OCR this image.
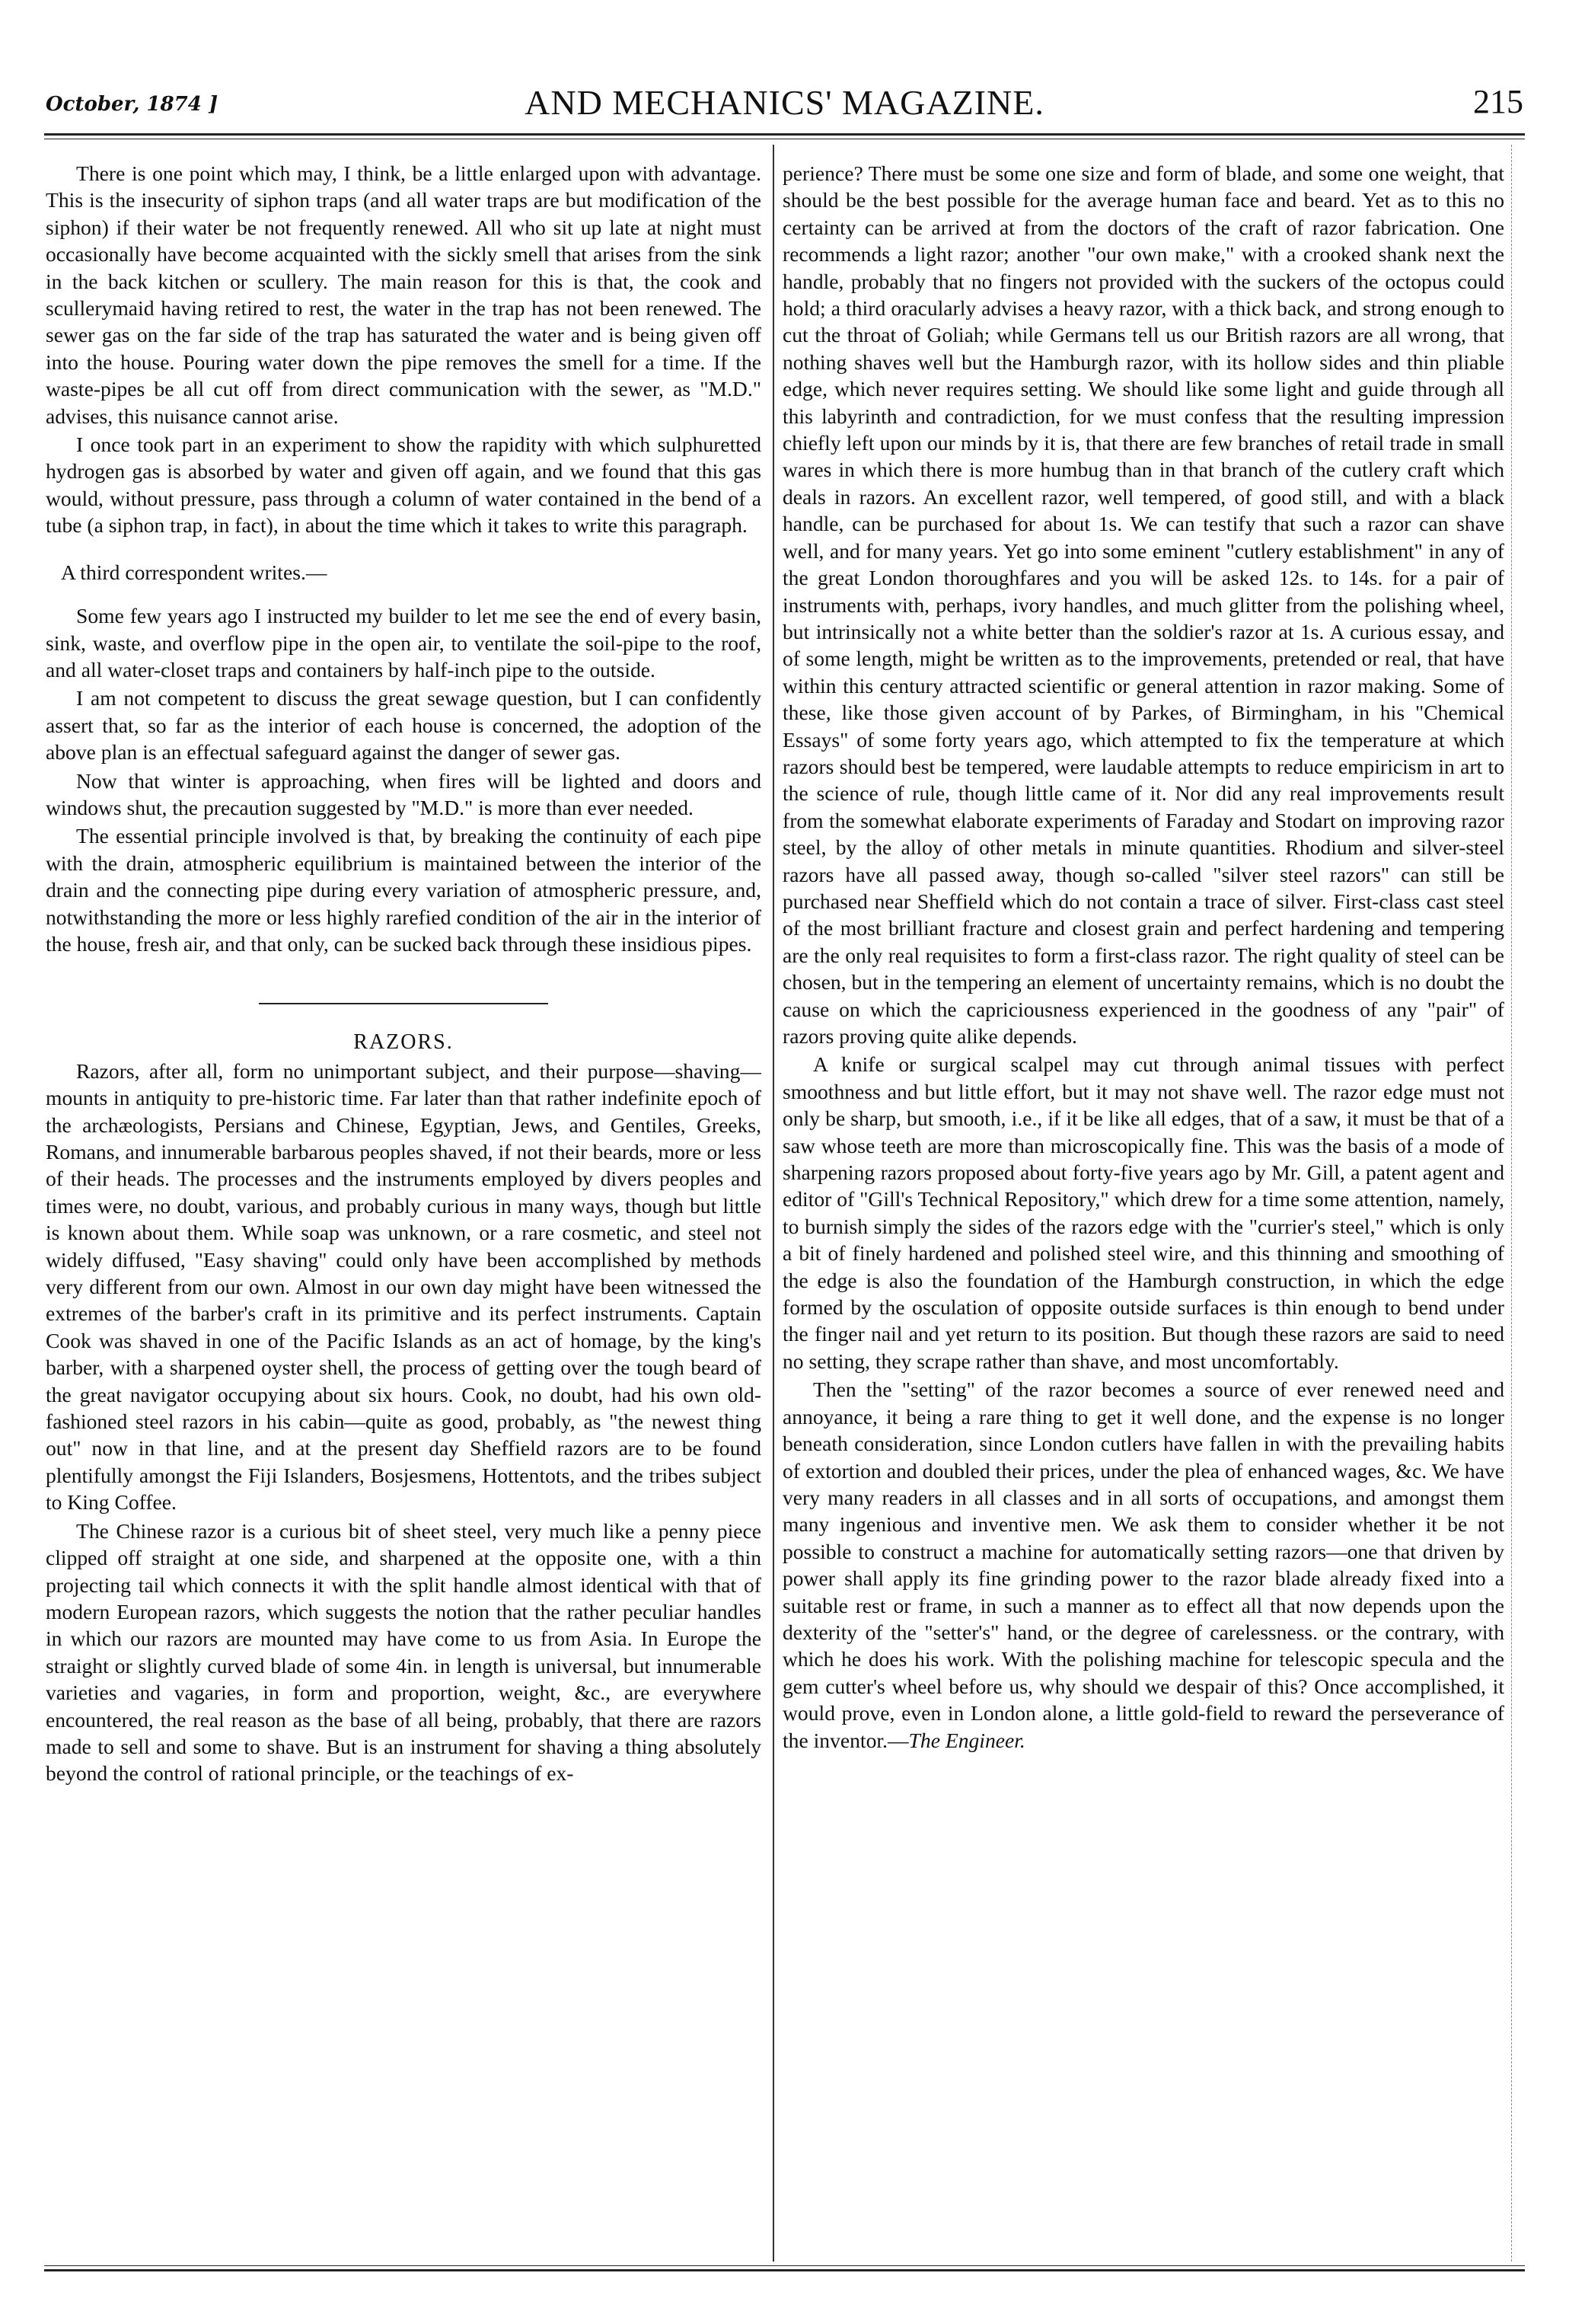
October, 1874 ]	AND MECHANICS' MAGAZINE.	215

There is one point which may, I think, be a little enlarged upon with advantage. This is the insecurity of siphon traps (and all water traps are but modification of the siphon) if their water be not frequently renewed. All who sit up late at night must occasionally have become acquainted with the sickly smell that arises from the sink in the back kitchen or scullery. The main reason for this is that, the cook and scullerymaid having retired to rest, the water in the trap has not been renewed. The sewer gas on the far side of the trap has saturated the water and is being given off into the house. Pouring water down the pipe removes the smell for a time. If the waste-pipes be all cut off from direct communication with the sewer, as "M.D." advises, this nuisance cannot arise.

I once took part in an experiment to show the rapidity with which sulphuretted hydrogen gas is absorbed by water and given off again, and we found that this gas would, without pressure, pass through a column of water contained in the bend of a tube (a siphon trap, in fact), in about the time which it takes to write this paragraph.

A third correspondent writes.—

Some few years ago I instructed my builder to let me see the end of every basin, sink, waste, and overflow pipe in the open air, to ventilate the soil-pipe to the roof, and all water-closet traps and containers by half-inch pipe to the outside.

I am not competent to discuss the great sewage question, but I can confidently assert that, so far as the interior of each house is concerned, the adoption of the above plan is an effectual safeguard against the danger of sewer gas.

Now that winter is approaching, when fires will be lighted and doors and windows shut, the precaution suggested by "M.D." is more than ever needed.

The essential principle involved is that, by breaking the continuity of each pipe with the drain, atmospheric equilibrium is maintained between the interior of the drain and the connecting pipe during every variation of atmospheric pressure, and, notwithstanding the more or less highly rarefied condition of the air in the interior of the house, fresh air, and that only, can be sucked back through these insidious pipes.

RAZORS.

Razors, after all, form no unimportant subject, and their purpose—shaving—mounts in antiquity to pre-historic time. Far later than that rather indefinite epoch of the archæologists, Persians and Chinese, Egyptian, Jews, and Gentiles, Greeks, Romans, and innumerable barbarous peoples shaved, if not their beards, more or less of their heads. The processes and the instruments employed by divers peoples and times were, no doubt, various, and probably curious in many ways, though but little is known about them. While soap was unknown, or a rare cosmetic, and steel not widely diffused, "Easy shaving" could only have been accomplished by methods very different from our own. Almost in our own day might have been witnessed the extremes of the barber's craft in its primitive and its perfect instruments. Captain Cook was shaved in one of the Pacific Islands as an act of homage, by the king's barber, with a sharpened oyster shell, the process of getting over the tough beard of the great navigator occupying about six hours. Cook, no doubt, had his own old-fashioned steel razors in his cabin—quite as good, probably, as "the newest thing out" now in that line, and at the present day Sheffield razors are to be found plentifully amongst the Fiji Islanders, Bosjesmens, Hottentots, and the tribes subject to King Coffee.

The Chinese razor is a curious bit of sheet steel, very much like a penny piece clipped off straight at one side, and sharpened at the opposite one, with a thin projecting tail which connects it with the split handle almost identical with that of modern European razors, which suggests the notion that the rather peculiar handles in which our razors are mounted may have come to us from Asia. In Europe the straight or slightly curved blade of some 4in. in length is universal, but innumerable varieties and vagaries, in form and proportion, weight, &c., are everywhere encountered, the real reason as the base of all being, probably, that there are razors made to sell and some to shave. But is an instrument for shaving a thing absolutely beyond the control of rational principle, or the teachings of ex-

perience? There must be some one size and form of blade, and some one weight, that should be the best possible for the average human face and beard. Yet as to this no certainty can be arrived at from the doctors of the craft of razor fabrication. One recommends a light razor; another "our own make," with a crooked shank next the handle, probably that no fingers not provided with the suckers of the octopus could hold; a third oracularly advises a heavy razor, with a thick back, and strong enough to cut the throat of Goliah; while Germans tell us our British razors are all wrong, that nothing shaves well but the Hamburgh razor, with its hollow sides and thin pliable edge, which never requires setting. We should like some light and guide through all this labyrinth and contradiction, for we must confess that the resulting impression chiefly left upon our minds by it is, that there are few branches of retail trade in small wares in which there is more humbug than in that branch of the cutlery craft which deals in razors. An excellent razor, well tempered, of good still, and with a black handle, can be purchased for about 1s. We can testify that such a razor can shave well, and for many years. Yet go into some eminent "cutlery establishment" in any of the great London thoroughfares and you will be asked 12s. to 14s. for a pair of instruments with, perhaps, ivory handles, and much glitter from the polishing wheel, but intrinsically not a white better than the soldier's razor at 1s. A curious essay, and of some length, might be written as to the improvements, pretended or real, that have within this century attracted scientific or general attention in razor making. Some of these, like those given account of by Parkes, of Birmingham, in his "Chemical Essays" of some forty years ago, which attempted to fix the temperature at which razors should best be tempered, were laudable attempts to reduce empiricism in art to the science of rule, though little came of it. Nor did any real improvements result from the somewhat elaborate experiments of Faraday and Stodart on improving razor steel, by the alloy of other metals in minute quantities. Rhodium and silver-steel razors have all passed away, though so-called "silver steel razors" can still be purchased near Sheffield which do not contain a trace of silver. First-class cast steel of the most brilliant fracture and closest grain and perfect hardening and tempering are the only real requisites to form a first-class razor. The right quality of steel can be chosen, but in the tempering an element of uncertainty remains, which is no doubt the cause on which the capriciousness experienced in the goodness of any "pair" of razors proving quite alike depends.

A knife or surgical scalpel may cut through animal tissues with perfect smoothness and but little effort, but it may not shave well. The razor edge must not only be sharp, but smooth, i.e., if it be like all edges, that of a saw, it must be that of a saw whose teeth are more than microscopically fine. This was the basis of a mode of sharpening razors proposed about forty-five years ago by Mr. Gill, a patent agent and editor of "Gill's Technical Repository," which drew for a time some attention, namely, to burnish simply the sides of the razors edge with the "currier's steel," which is only a bit of finely hardened and polished steel wire, and this thinning and smoothing of the edge is also the foundation of the Hamburgh construction, in which the edge formed by the osculation of opposite outside surfaces is thin enough to bend under the finger nail and yet return to its position. But though these razors are said to need no setting, they scrape rather than shave, and most uncomfortably.

Then the "setting" of the razor becomes a source of ever renewed need and annoyance, it being a rare thing to get it well done, and the expense is no longer beneath consideration, since London cutlers have fallen in with the prevailing habits of extortion and doubled their prices, under the plea of enhanced wages, &c. We have very many readers in all classes and in all sorts of occupations, and amongst them many ingenious and inventive men. We ask them to consider whether it be not possible to construct a machine for automatically setting razors—one that driven by power shall apply its fine grinding power to the razor blade already fixed into a suitable rest or frame, in such a manner as to effect all that now depends upon the dexterity of the "setter's" hand, or the degree of carelessness. or the contrary, with which he does his work. With the polishing machine for telescopic specula and the gem cutter's wheel before us, why should we despair of this? Once accomplished, it would prove, even in London alone, a little gold-field to reward the perseverance of the inventor.—The Engineer.
